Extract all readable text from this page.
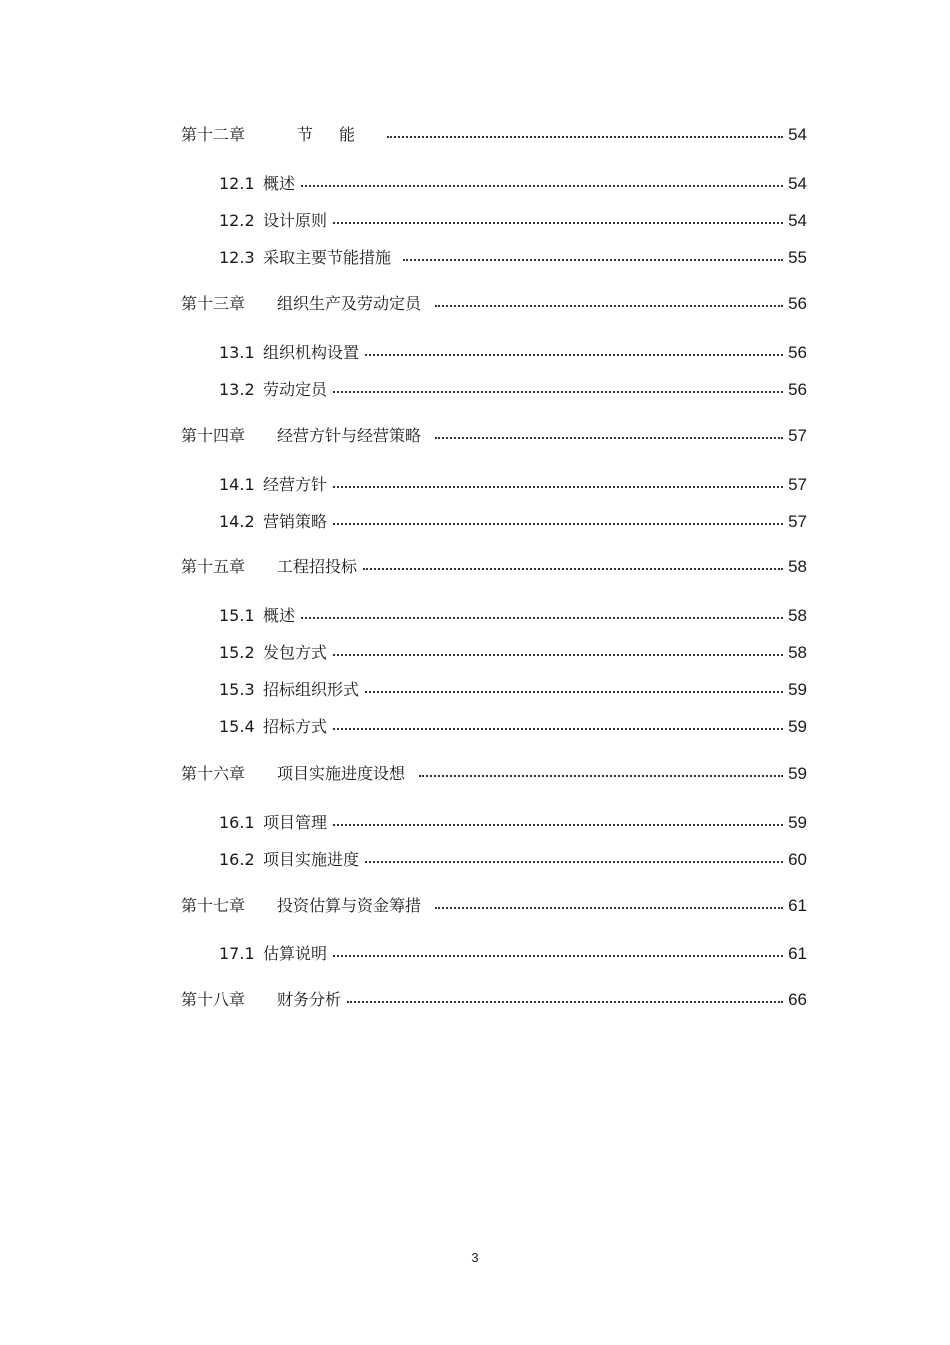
第十二章	节能	54
12.1 概述	54
12.2 设计原则	54
12.3 采取主要节能措施	55
第十三章	组织生产及劳动定员	56
13.1 组织机构设置	56
13.2 劳动定员	56
第十四章	经营方针与经营策略	57
14.1 经营方针	57
14.2 营销策略	57
第十五章	工程招投标	58
15.1 概述	58
15.2 发包方式	58
15.3 招标组织形式	59
15.4 招标方式	59
第十六章	项目实施进度设想	59
16.1 项目管理	59
16.2 项目实施进度	60
第十七章	投资估算与资金筹措	61
17.1 估算说明	61
第十八章	财务分析	66
3
